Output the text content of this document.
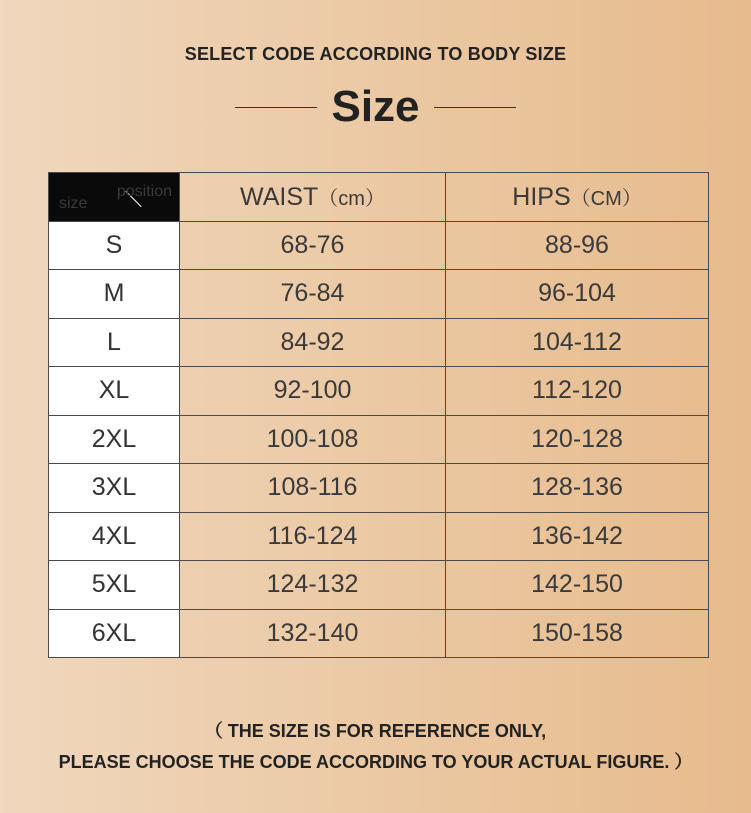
SELECT CODE ACCORDING TO BODY SIZE
Size
size
position	WAIST（cm）	HIPS（CM）
S	68-76	88-96
M	76-84	96-104
L	84-92	104-112
XL	92-100	112-120
2XL	100-108	120-128
3XL	108-116	128-136
4XL	116-124	136-142
5XL	124-132	142-150
6XL	132-140	150-158
（ THE SIZE IS FOR REFERENCE ONLY,
PLEASE CHOOSE THE CODE ACCORDING TO YOUR ACTUAL FIGURE. ）
